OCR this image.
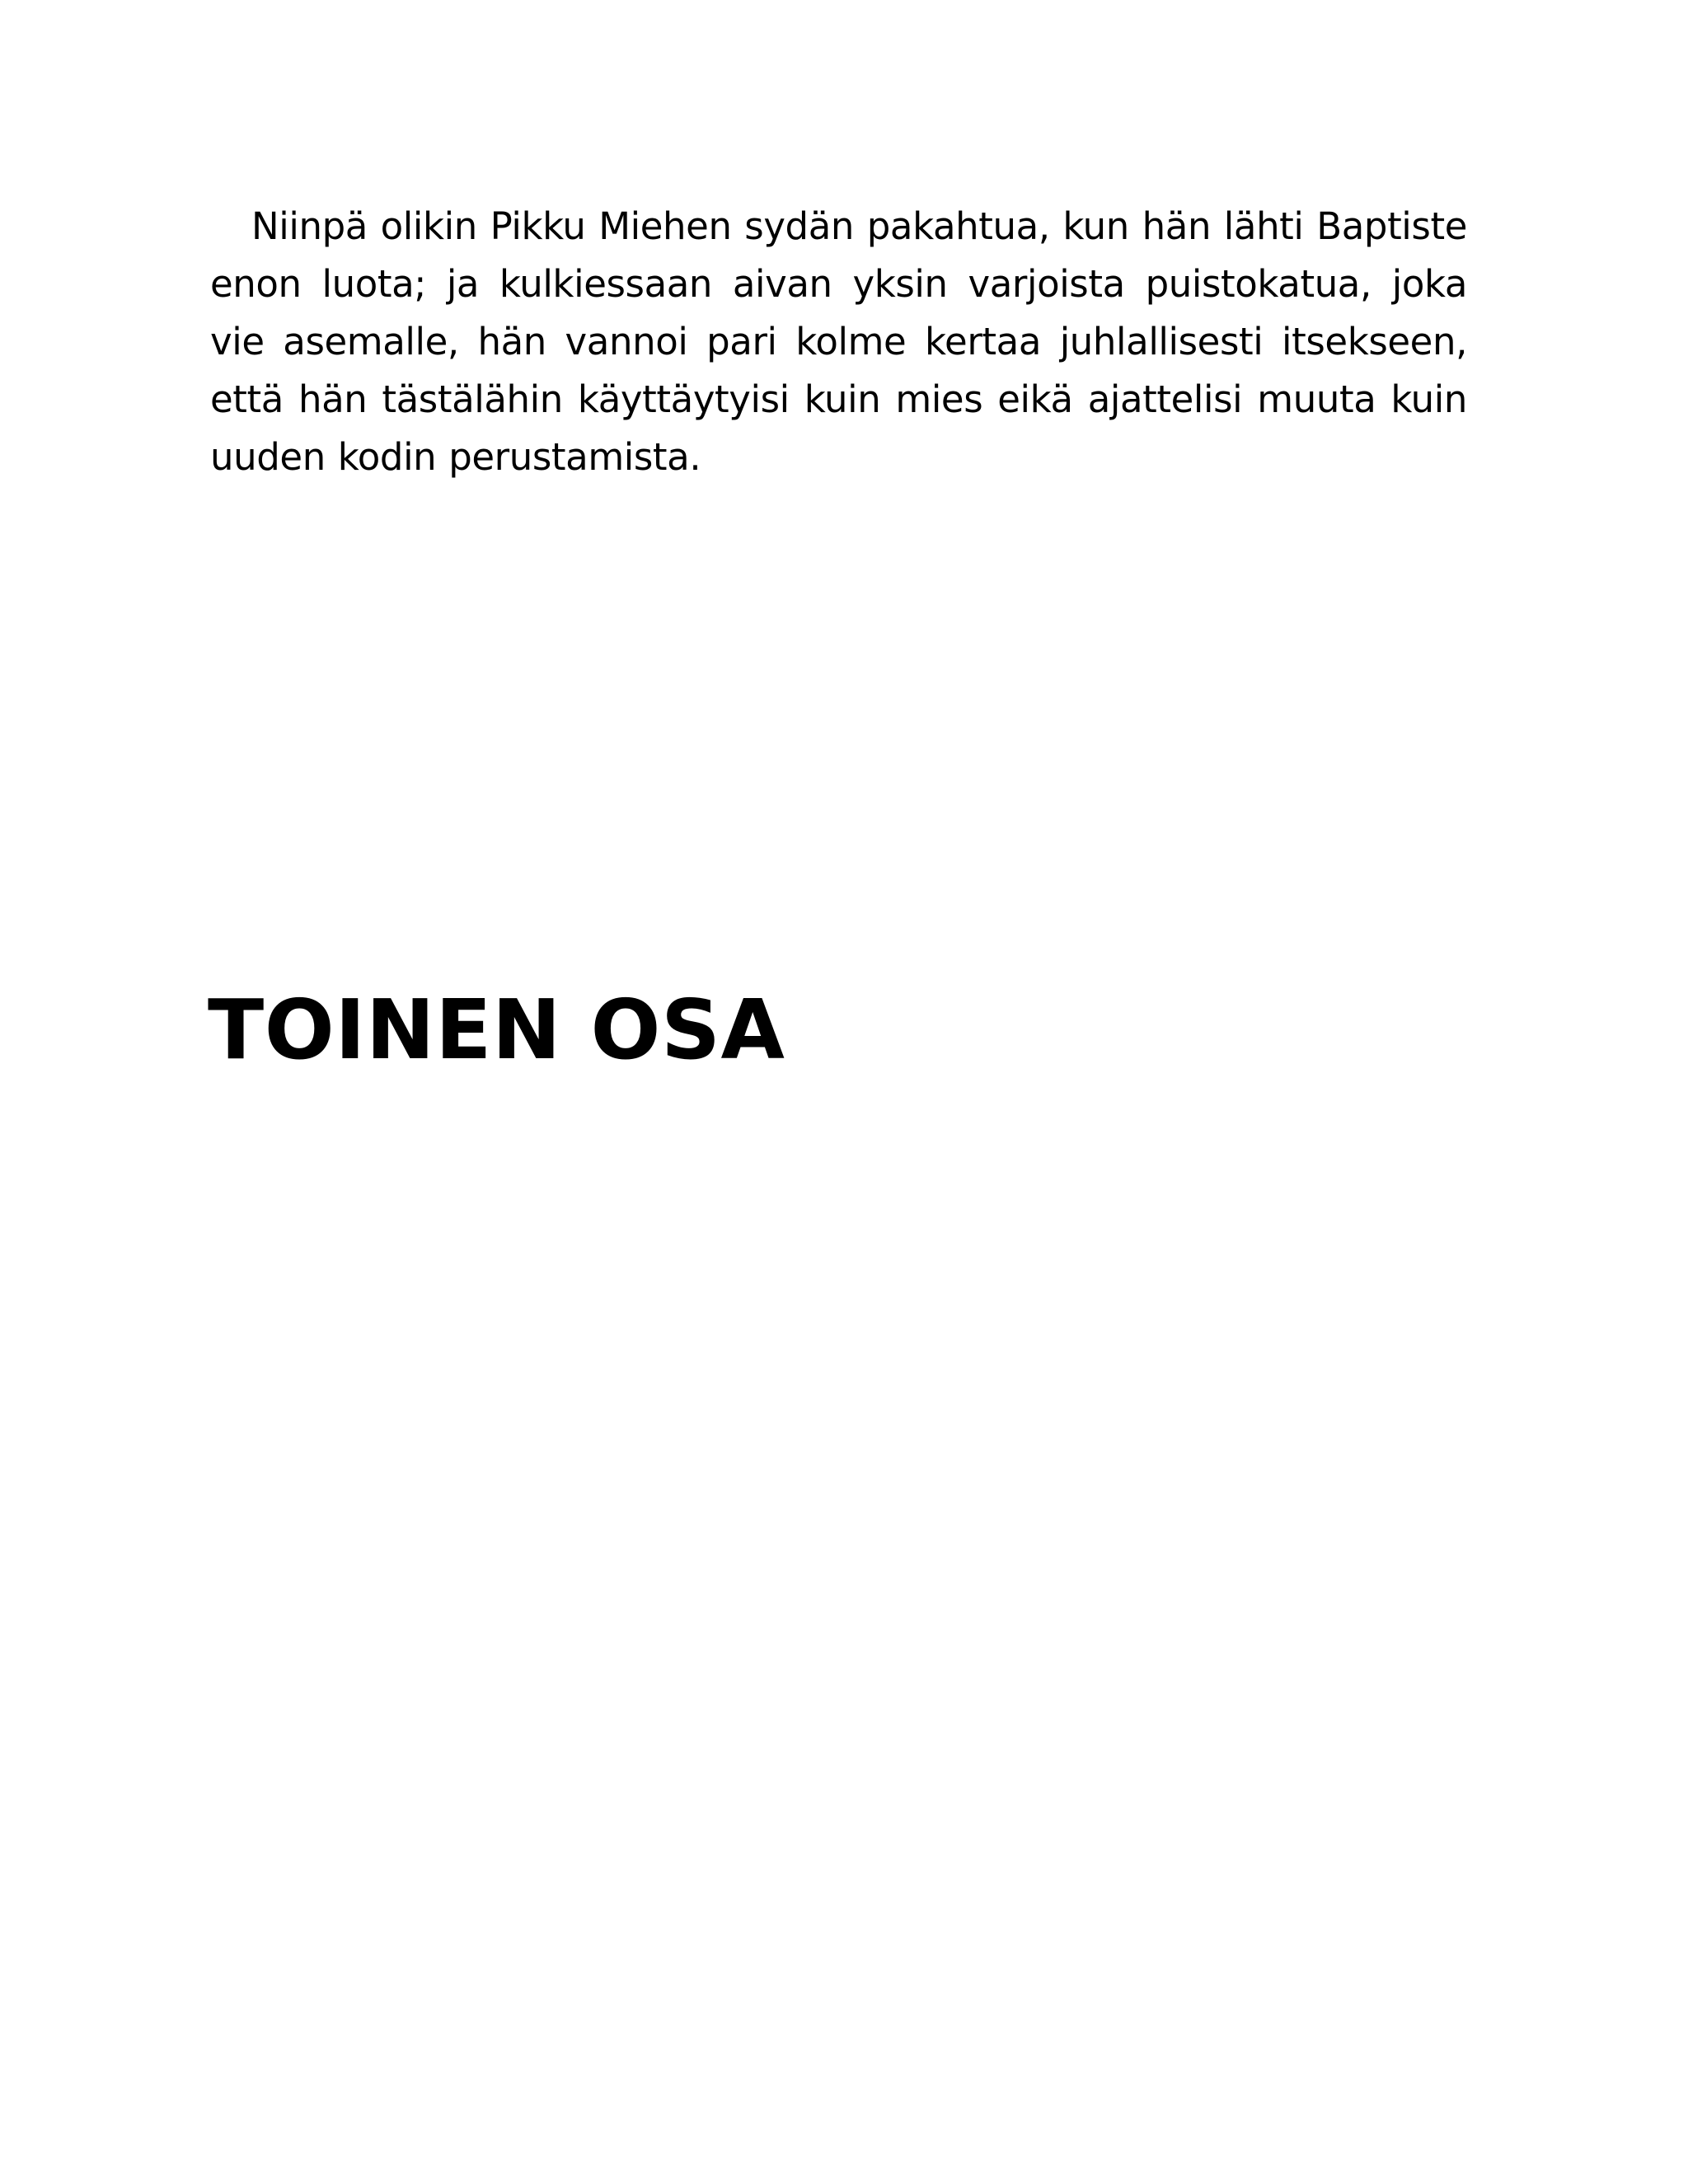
Niinpä olikin Pikku Miehen sydän pakahtua, kun hän lähti Baptiste enon luota; ja kulkiessaan aivan yksin varjoista puistokatua, joka vie asemalle, hän vannoi pari kolme kertaa juhlallisesti itsekseen, että hän tästälähin käyttäytyisi kuin mies eikä ajattelisi muuta kuin uuden kodin perustamista.

TOINEN OSA
